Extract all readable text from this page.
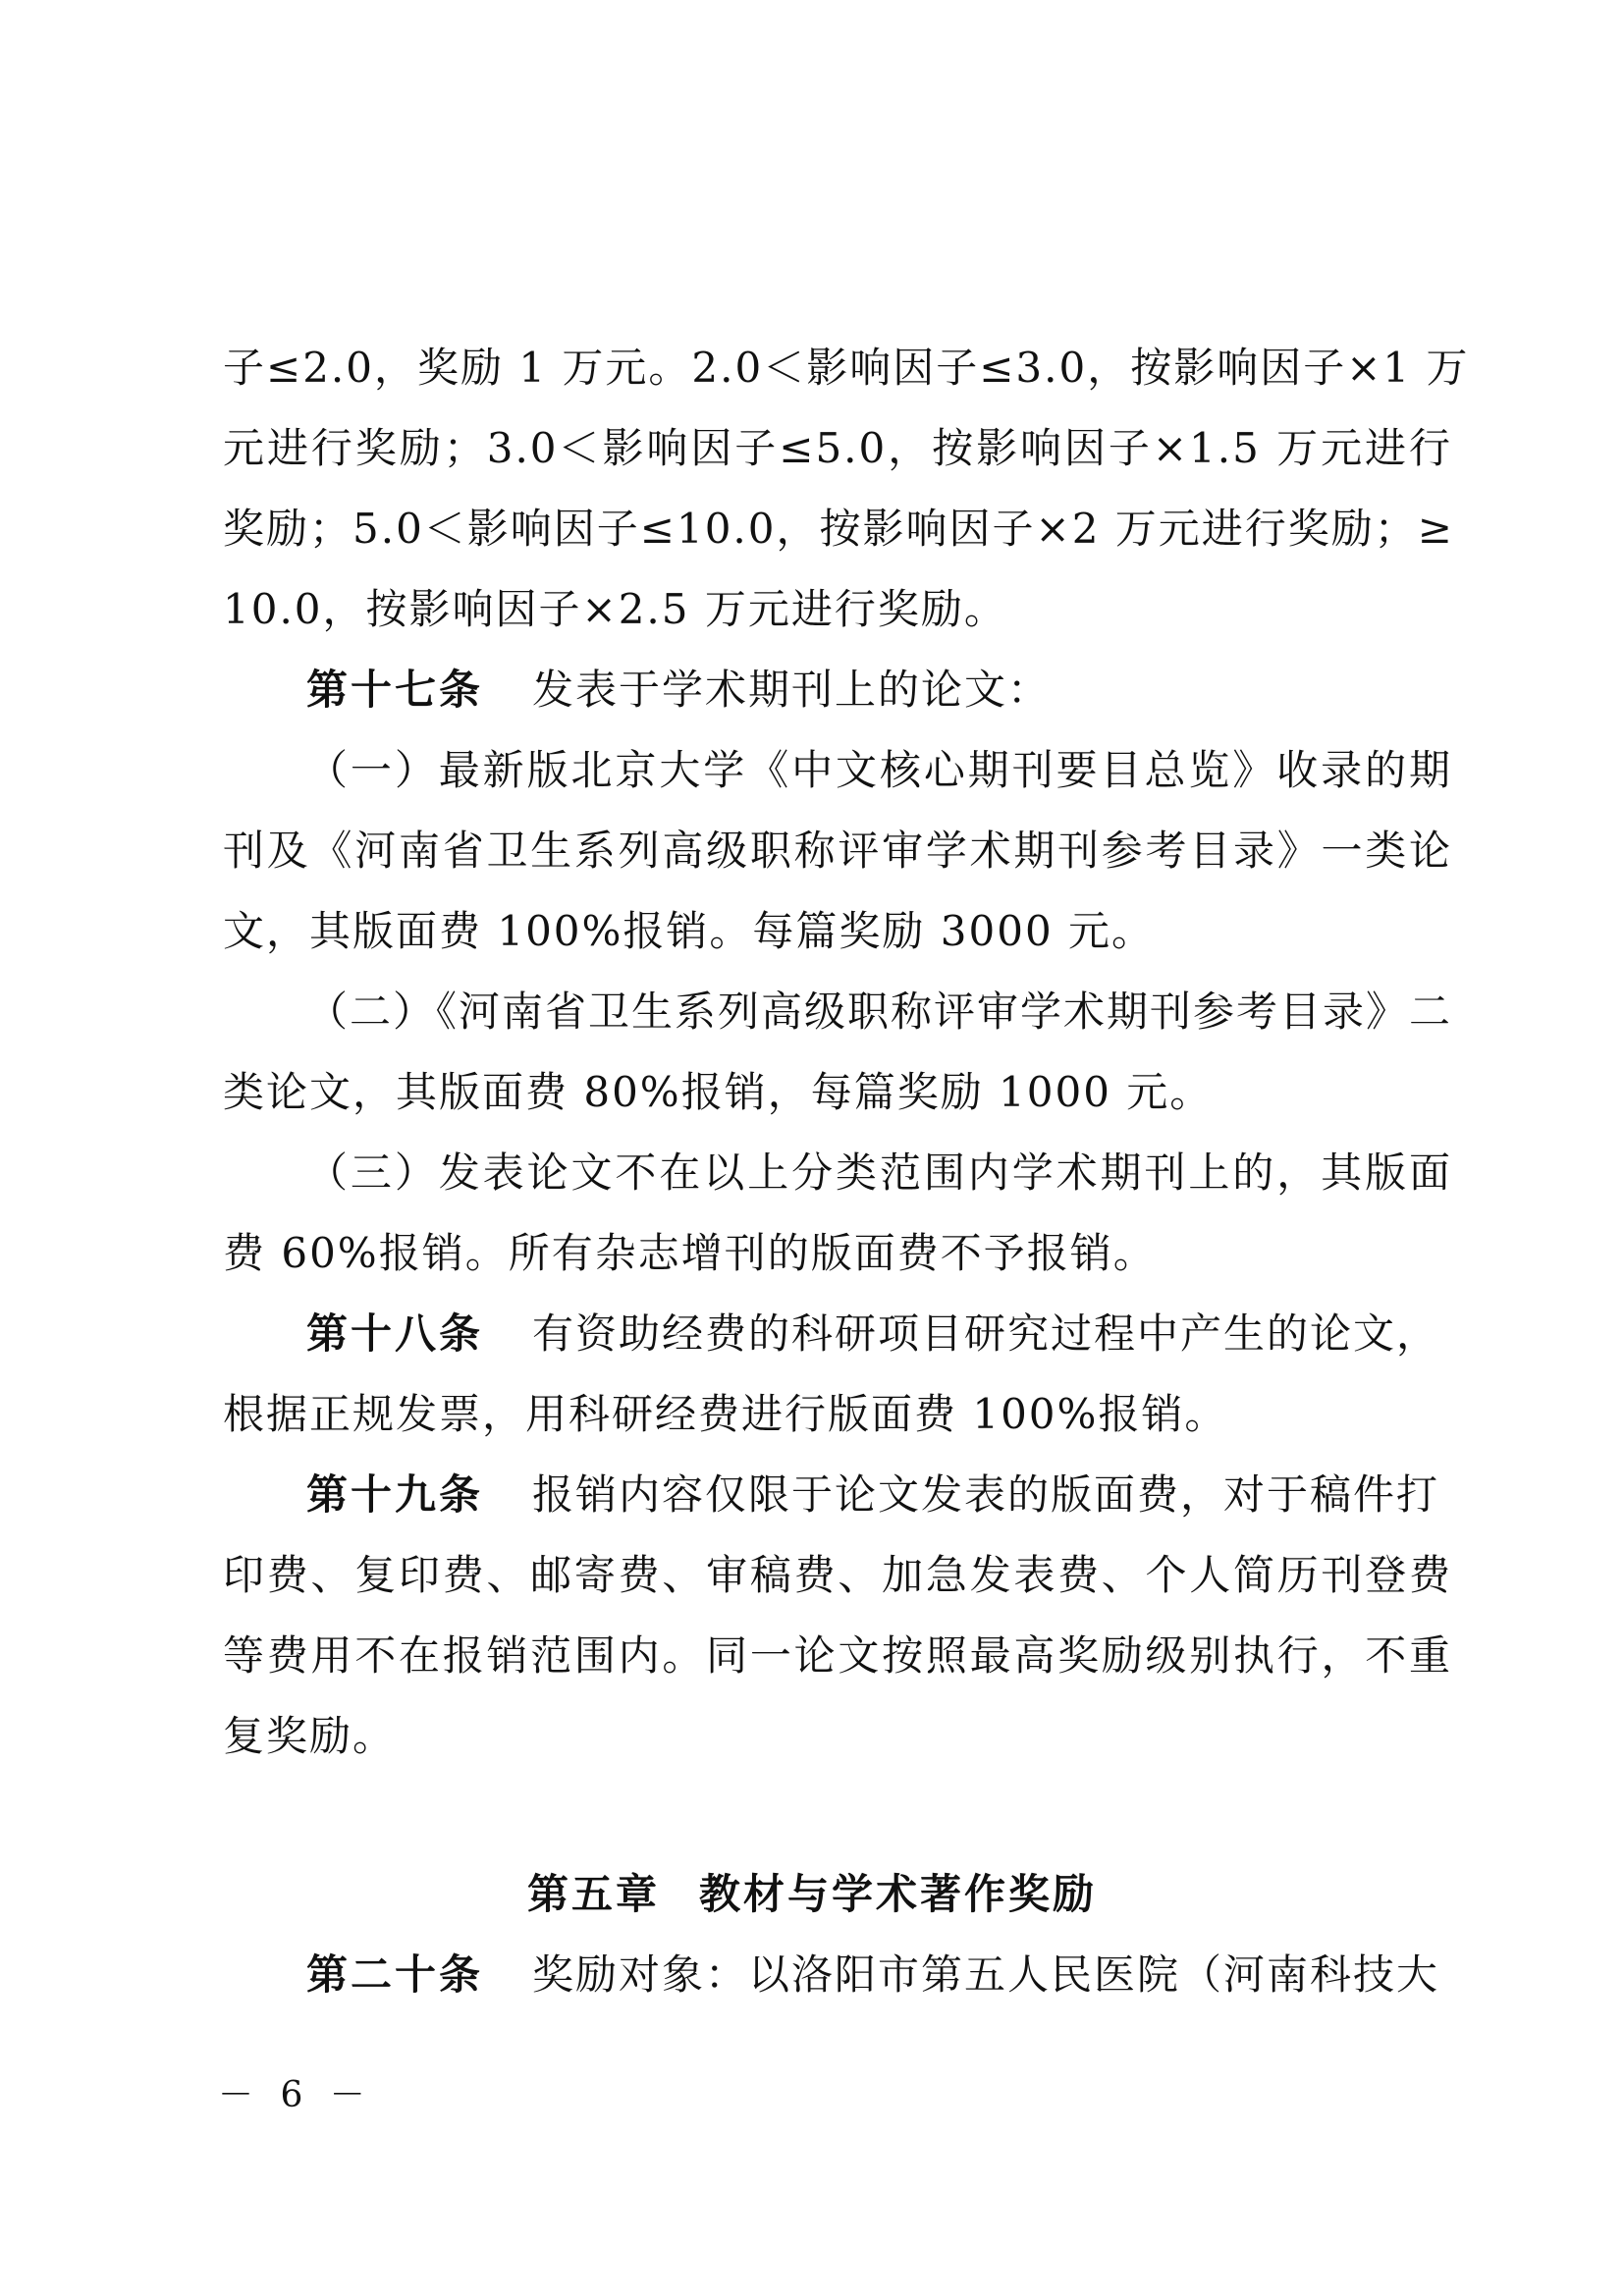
子≤2.0，奖励 1 万元。2.0＜影响因子≤3.0，按影响因子×1 万
元进行奖励；3.0＜影响因子≤5.0，按影响因子×1.5 万元进行
奖励；5.0＜影响因子≤10.0，按影响因子×2 万元进行奖励；≥
10.0，按影响因子×2.5 万元进行奖励。
第十七条 发表于学术期刊上的论文：
（一）最新版北京大学《中文核心期刊要目总览》收录的期
刊及《河南省卫生系列高级职称评审学术期刊参考目录》一类论
文，其版面费 100%报销。每篇奖励 3000 元。
（二）《河南省卫生系列高级职称评审学术期刊参考目录》二
类论文，其版面费 80%报销，每篇奖励 1000 元。
（三）发表论文不在以上分类范围内学术期刊上的，其版面
费 60%报销。所有杂志增刊的版面费不予报销。
第十八条 有资助经费的科研项目研究过程中产生的论文，
根据正规发票，用科研经费进行版面费 100%报销。
第十九条 报销内容仅限于论文发表的版面费，对于稿件打
印费、复印费、邮寄费、审稿费、加急发表费、个人简历刊登费
等费用不在报销范围内。同一论文按照最高奖励级别执行，不重
复奖励。
第五章 教材与学术著作奖励
第二十条 奖励对象：以洛阳市第五人民医院（河南科技大
－ 6 －
